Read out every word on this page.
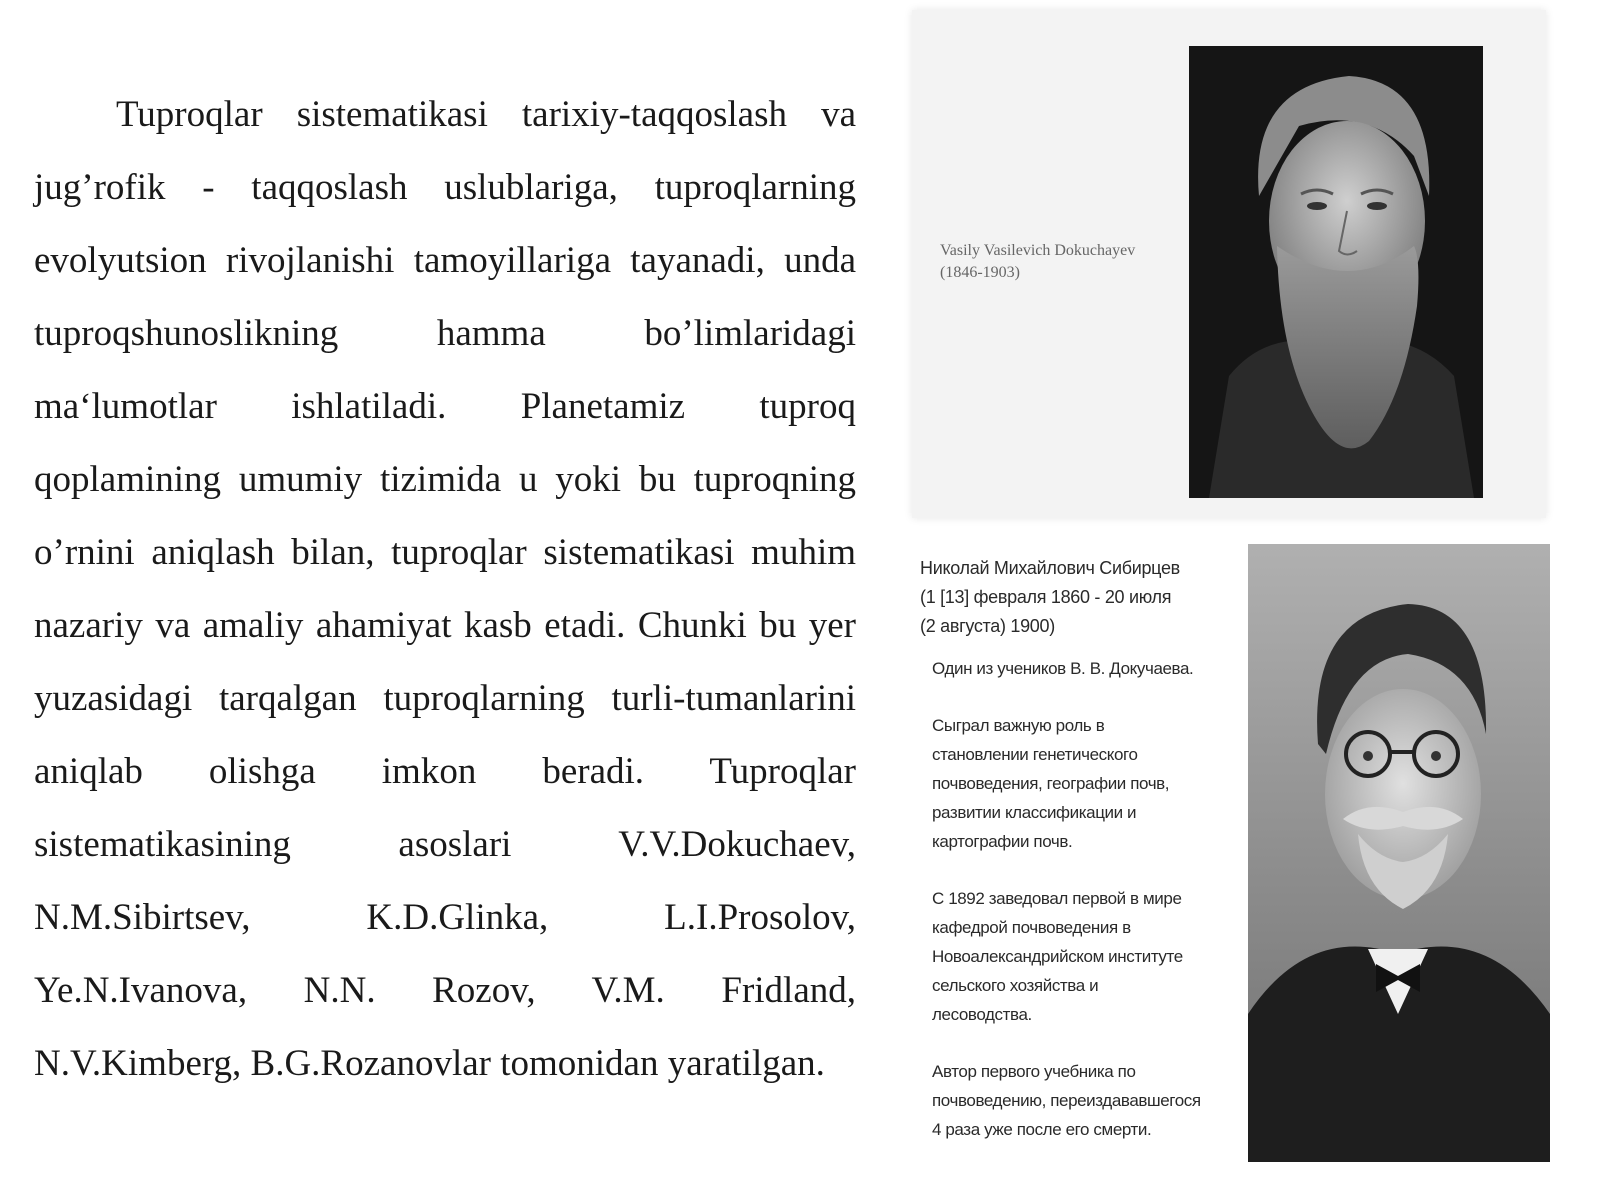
Tuproqlar sistematikasi tarixiy-taqqoslash va jug’rofik - taqqoslash uslublariga, tuproqlarning evolyutsion rivojlanishi tamoyillariga tayanadi, unda tuproqshunoslikning hamma bo’limlaridagi ma‘lumotlar ishlatiladi. Planetamiz tuproq qoplamining umumiy tizimida u yoki bu tuproqning o’rnini aniqlash bilan, tuproqlar sistematikasi muhim nazariy va amaliy ahamiyat kasb etadi. Chunki bu yer yuzasidagi tarqalgan tuproqlarning turli-tumanlarini aniqlab olishga imkon beradi. Tuproqlar sistematikasining asoslari V.V.Dokuchaev, N.M.Sibirtsev, K.D.Glinka, L.I.Prosolov, Ye.N.Ivanova, N.N. Rozov, V.M. Fridland, N.V.Kimberg, B.G.Rozanovlar tomonidan yaratilgan.

Vasily Vasilevich Dokuchayev
(1846-1903)
Николай Михайлович Сибирцев
(1 [13] февраля 1860 - 20 июля
(2 августа) 1900)

Один из учеников В. В. Докучаева.

Сыграл важную роль в
становлении генетического
почвоведения, географии почв,
развитии классификации и
картографии почв.

С 1892 заведовал первой в мире
кафедрой почвоведения в
Новоалександрийском институте
сельского хозяйства и
лесоводства.

Автор первого учебника по
почвоведению, переиздававшегося
4 раза уже после его смерти.
